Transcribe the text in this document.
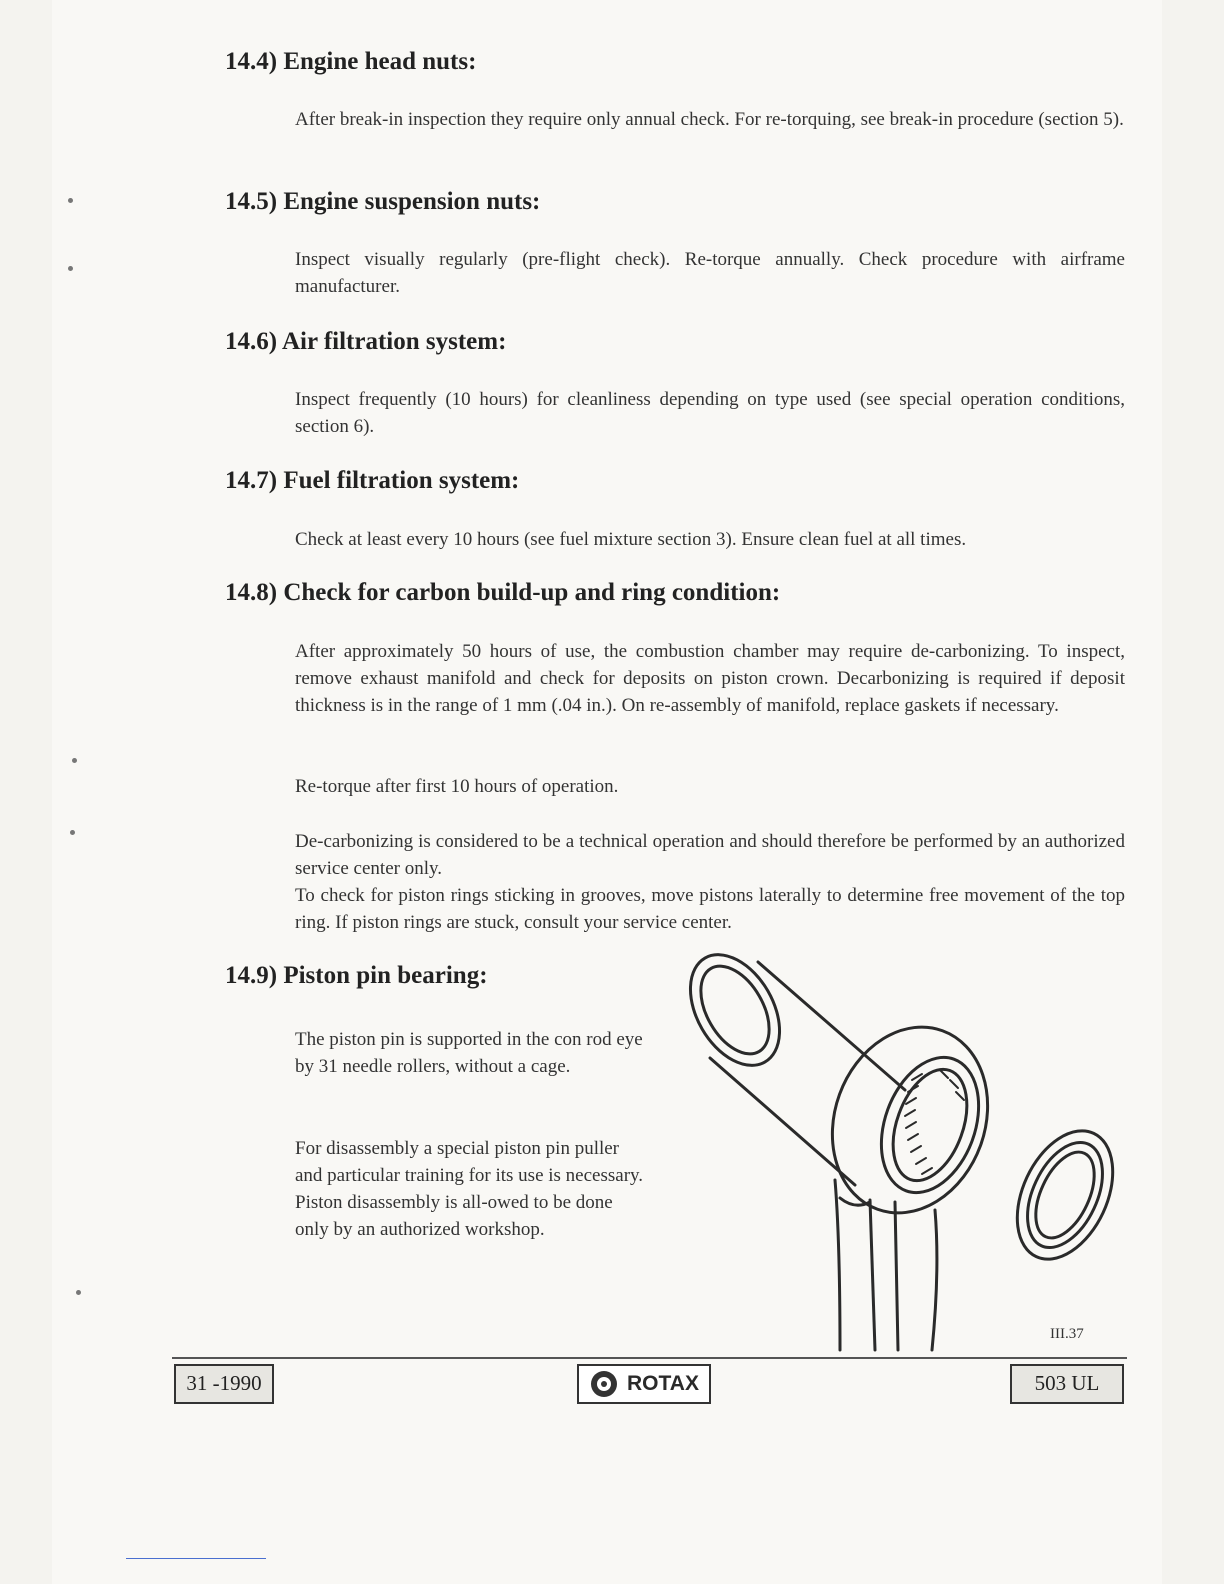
14.4) Engine head nuts:

After break-in inspection they require only annual check. For re-torquing, see break-in procedure (section 5).

14.5) Engine suspension nuts:

Inspect visually regularly (pre-flight check). Re-torque annually. Check procedure with airframe manufacturer.

14.6) Air filtration system:

Inspect frequently (10 hours) for cleanliness depending on type used (see special operation conditions, section 6).

14.7) Fuel filtration system:

Check at least every 10 hours (see fuel mixture section 3). Ensure clean fuel at all times.

14.8) Check for carbon build-up and ring condition:

After approximately 50 hours of use, the combustion chamber may require de-carbonizing. To inspect, remove exhaust manifold and check for deposits on piston crown. Decarbonizing is required if deposit thickness is in the range of 1 mm (.04 in.). On re-assembly of manifold, replace gaskets if necessary.

Re-torque after first 10 hours of operation.

De-carbonizing is considered to be a technical operation and should therefore be performed by an authorized service center only.

To check for piston rings sticking in grooves, move pistons laterally to determine free movement of the top ring. If piston rings are stuck, consult your service center.

14.9) Piston pin bearing:

The piston pin is supported in the con rod eye by 31 needle rollers, without a cage.

For disassembly a special piston pin puller and particular training for its use is necessary. Piston disassembly is all-owed to be done only by an authorized workshop.

III.37
31 -1990	ROTAX	503 UL
